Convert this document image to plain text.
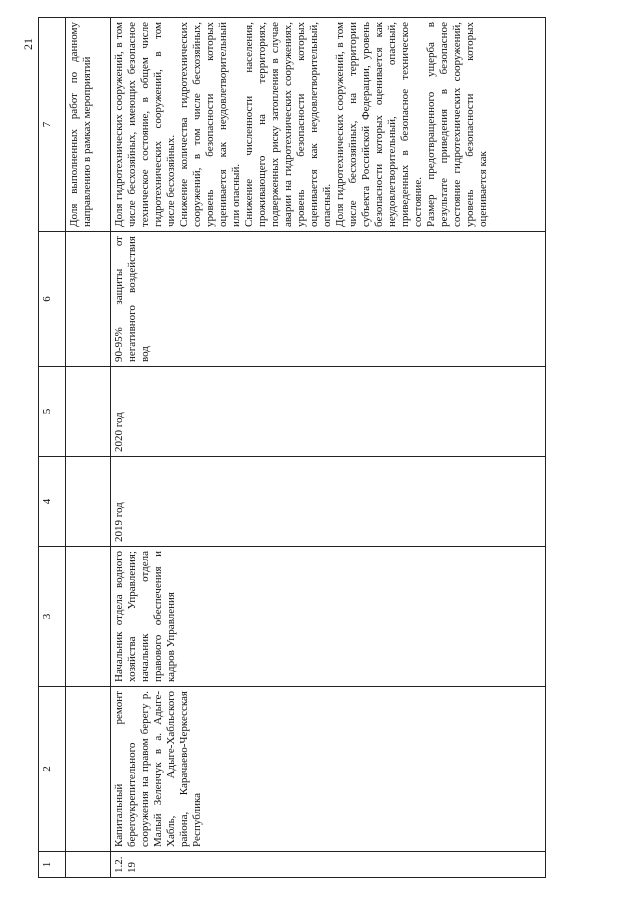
21
1	2	3	4	5	6	7
						Доля выполненных работ по данному направлению в рамках мероприятий
1.2.19	Капитальный ремонт берегоукрепительного сооружения на правом берегу р. Малый Зеленчук в а. Адыге-Хабль, Адыге-Хабльского района, Карачаево-Черкесская Республика	Начальник отдела водного хозяйства Управления; начальник отдела правового обеспечения и кадров Управления	2019 год	2020 год	90-95% защиты от негативного воздействия вод	Доля гидротехнических сооружений, в том числе бесхозяйных, имеющих безопасное техническое состояние, в общем числе гидротехнических сооружений, в том числе бесхозяйных. Снижение количества гидротехнических сооружений, в том числе бесхозяйных, уровень безопасности которых оценивается как неудовлетворительный или опасный. Снижение численности населения, проживающего на территориях, подверженных риску затопления в случае аварии на гидротехнических сооружениях, уровень безопасности которых оценивается как неудовлетворительный, опасный. Доля гидротехнических сооружений, в том числе бесхозяйных, на территории субъекта Российской Федерации, уровень безопасности которых оценивается как неудовлетворительный, опасный, приведенных в безопасное техническое состояние. Размер предотвращенного ущерба в результате приведения в безопасное состояние гидротехнических сооружений, уровень безопасности которых оценивается как
